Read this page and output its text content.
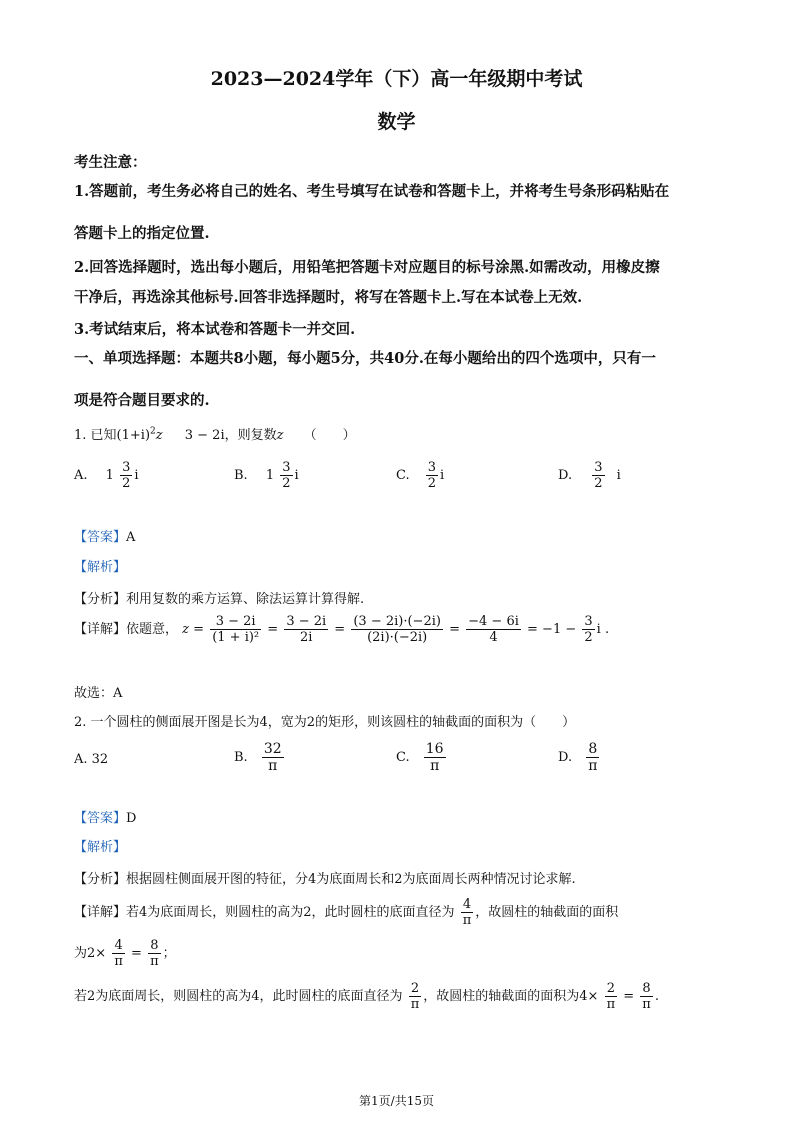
2023—2024学年（下）高一年级期中考试
数学
考生注意：
1.答题前，考生务必将自己的姓名、考生号填写在试卷和答题卡上，并将考生号条形码粘贴在
答题卡上的指定位置.
2.回答选择题时，选出每小题后，用铅笔把答题卡对应题目的标号涂黑.如需改动，用橡皮擦
干净后，再选涂其他标号.回答非选择题时，将写在答题卡上.写在本试卷上无效.
3.考试结束后，将本试卷和答题卡一并交回.
一、单项选择题：本题共8小题，每小题5分，共40分.在每小题给出的四个选项中，只有一
项是符合题目要求的.
1. 已知$(1+i)^2z$ 3 − 2i，则复数z （　　）
A. $1 \frac{3}{2}$ i	B. $1 \frac{3}{2}$ i	C. $\frac{3}{2}$ i	D. $\frac{3}{2}$ i
【答案】A
【解析】
【分析】利用复数的乘方运算、除法运算计算得解.
【详解】依题意， $z = \frac{3 - 2i}{\text{(1 + i)²}} = \frac{3 - 2i}{2i} = \frac{(3 - 2i)\cdot(-2i)}{(2i)\cdot(-2i)} = \frac{-4 - 6i}{4} = -1 - \frac{3}{2}$ i .
故选：A
2. 一个圆柱的侧面展开图是长为4，宽为2的矩形，则该圆柱的轴截面的面积为（　　）
A. 32	B. $\frac{32}{\pi}$	C. $\frac{16}{\pi}$	D. $\frac{8}{\pi}$
【答案】D
【解析】
【分析】根据圆柱侧面展开图的特征，分4为底面周长和2为底面周长两种情况讨论求解.
【详解】若4为底面周长，则圆柱的高为2，此时圆柱的底面直径为 $\frac{4}{\pi}$ ，故圆柱的轴截面的面积
为$2\times \frac{4}{\pi} = \frac{8}{\pi}$ ；
若2为底面周长，则圆柱的高为4，此时圆柱的底面直径为 $\frac{2}{\pi}$ ，故圆柱的轴截面的面积为$4\times \frac{2}{\pi} = \frac{8}{\pi}$ .
第1页/共15页
